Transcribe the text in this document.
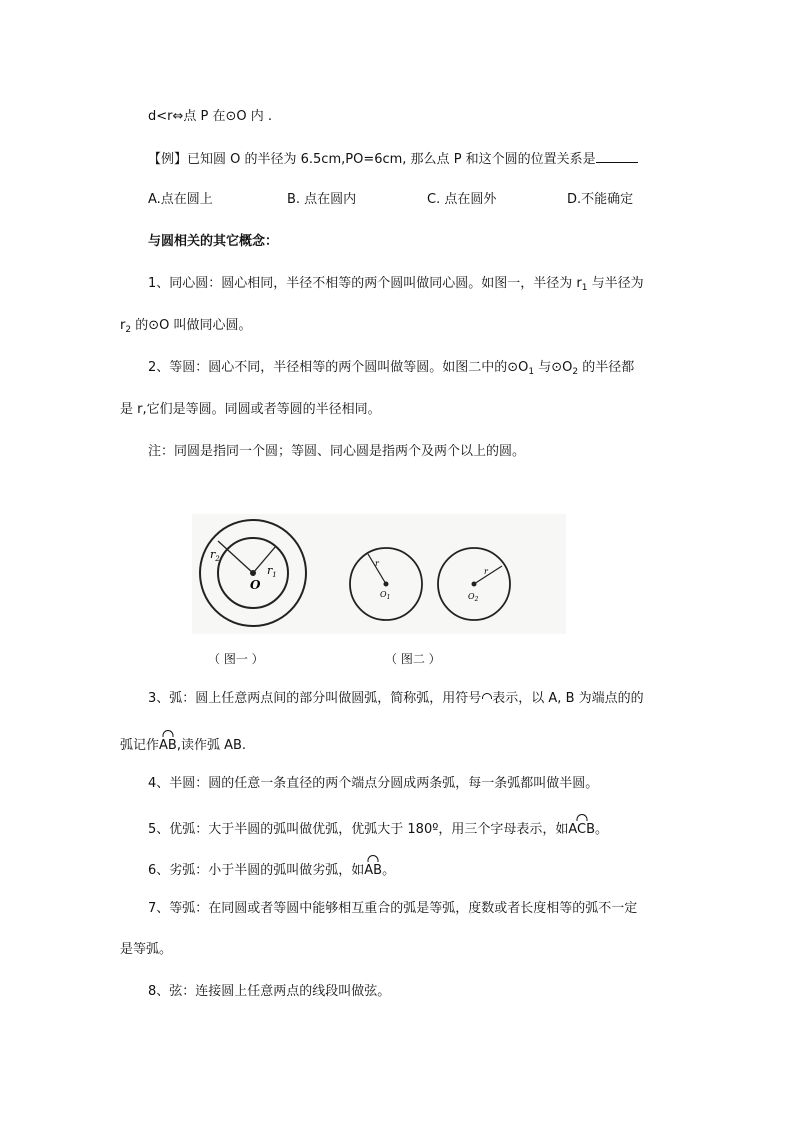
d<r⇔点 P 在⊙O 内 .
【例】已知圆 O 的半径为 6.5cm,PO=6cm, 那么点 P 和这个圆的位置关系是
A.点在圆上	B. 点在圆内	C. 点在圆外	D.不能确定
与圆相关的其它概念：
1、同心圆：圆心相同，半径不相等的两个圆叫做同心圆。如图一，半径为 $r_1$ 与半径为
$r_2$ 的⊙O 叫做同心圆。
2、等圆：圆心不同，半径相等的两个圆叫做等圆。如图二中的$⊙O_1$ 与$⊙O_2$ 的半径都
是 r,它们是等圆。同圆或者等圆的半径相同。
注：同圆是指同一个圆；等圆、同心圆是指两个及两个以上的圆。
$r_2$
$r_1$
O
r
$O_1$
r
$O_2$
（ 图一 ）	（ 图二 ）
3、弧：圆上任意两点间的部分叫做圆弧，简称弧，用符号 表示，以 A, B 为端点的的
弧记作AB,读作弧 AB.
4、半圆：圆的任意一条直径的两个端点分圆成两条弧，每一条弧都叫做半圆。
5、优弧：大于半圆的弧叫做优弧，优弧大于 180º，用三个字母表示，如ACB。
6、劣弧：小于半圆的弧叫做劣弧，如AB。
7、等弧：在同圆或者等圆中能够相互重合的弧是等弧，度数或者长度相等的弧不一定
是等弧。
8、弦：连接圆上任意两点的线段叫做弦。
